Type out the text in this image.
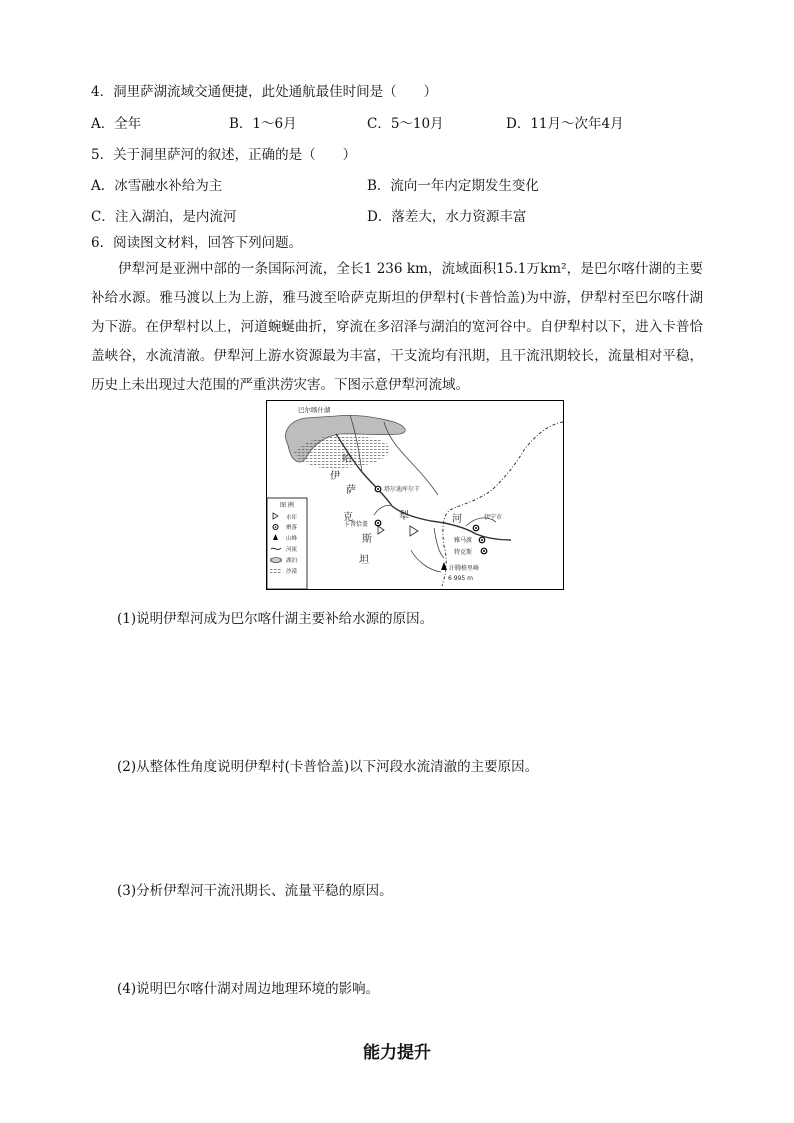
4．洞里萨湖流域交通便捷，此处通航最佳时间是（　　）
A．全年	B．1～6月	C．5～10月	D．11月～次年4月
5．关于洞里萨河的叙述，正确的是（　　）
A．冰雪融水补给为主	B．流向一年内定期发生变化
C．注入湖泊，是内流河	D．落差大，水力资源丰富
6．阅读图文材料，回答下列问题。
伊犁河是亚洲中部的一条国际河流，全长1 236 km，流域面积15.1万km²，是巴尔喀什湖的主要补给水源。雅马渡以上为上游，雅马渡至哈萨克斯坦的伊犁村(卡普恰盖)为中游，伊犁村至巴尔喀什湖为下游。在伊犁村以上，河道蜿蜒曲折，穿流在多沼泽与湖泊的宽河谷中。自伊犁村以下，进入卡普恰盖峡谷，水流清澈。伊犁河上游水资源最为丰富，干支流均有汛期，且干流汛期较长，流量相对平稳，历史上未出现过大范围的严重洪涝灾害。下图示意伊犁河流域。
巴尔喀什湖
哈
萨
克
斯
坦
伊
犁	河
塔尔迪库尔干
卡普恰盖
伊宁市
雅马渡
特克斯
汗腾格里峰
6 995 m
图 例
水库
聚落
山峰
河流
湖泊
沙漠
(1)说明伊犁河成为巴尔喀什湖主要补给水源的原因。
(2)从整体性角度说明伊犁村(卡普恰盖)以下河段水流清澈的主要原因。
(3)分析伊犁河干流汛期长、流量平稳的原因。
(4)说明巴尔喀什湖对周边地理环境的影响。
能力提升
